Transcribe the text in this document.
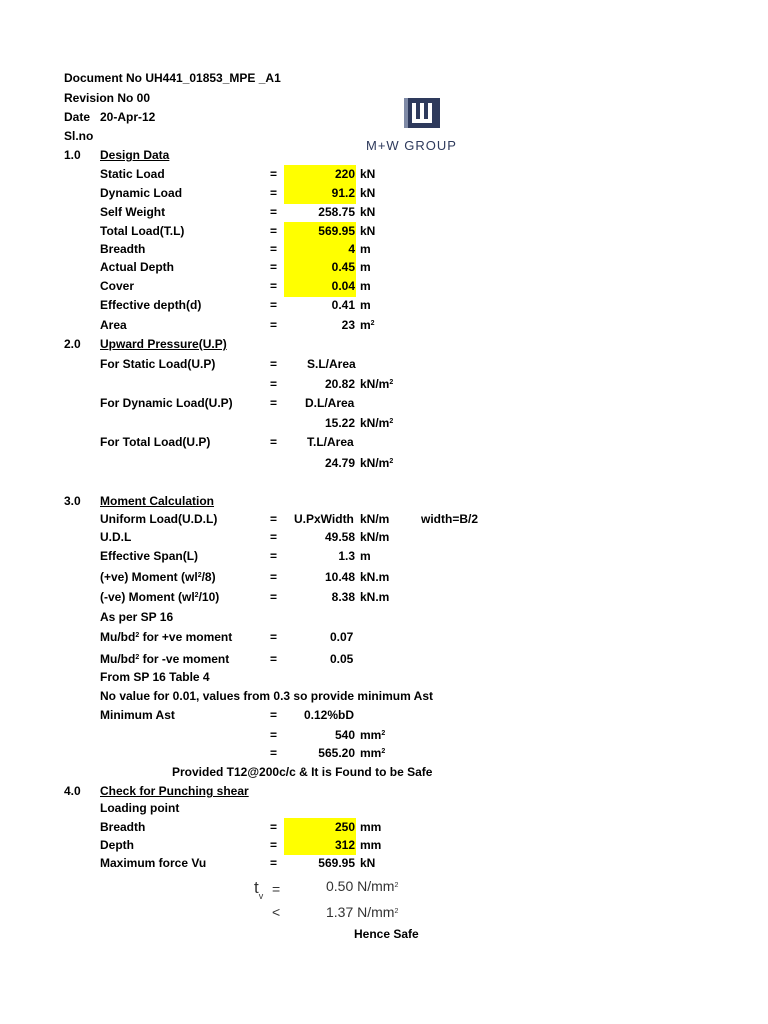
Document No UH441_01853_MPE _A1
Revision No 00
Date 20-Apr-12
Sl.no
M+W GROUP
1.0 Design Data
Static Load	=	220 kN
Dynamic Load	=	91.2 kN
Self Weight	=	258.75 kN
Total Load(T.L)	=	569.95 kN
Breadth	=	4 m
Actual Depth	=	0.45 m
Cover	=	0.04 m
Effective depth(d)	=	0.41 m
Area	=	23 $m^2$
2.0 Upward Pressure(U.P)
For Static Load(U.P)	= S.L/Area
=	20.82 $kN/m^2$
For Dynamic Load(U.P)	= D.L/Area
15.22 $kN/m^2$
For Total Load(U.P)	= T.L/Area
24.79 $kN/m^2$
3.0 Moment Calculation
Uniform Load(U.D.L)	= U.PxWidth kN/m	width=B/2
U.D.L	=	49.58 kN/m
Effective Span(L)	=	1.3 m
(+ve) Moment $(wl^2/8)$	=	10.48 kN.m
(-ve) Moment $(wl^2/10)$	=	8.38 kN.m
As per SP 16
$Mu/bd^2$ for +ve moment	=	0.07
$Mu/bd^2$ for -ve moment	=	0.05
From SP 16 Table 4
No value for 0.01, values from 0.3 so provide minimum Ast
Minimum Ast	= 0.12%bD
=	540 $mm^2$
=	565.20 $mm^2$
Provided T12@200c/c & It is Found to be Safe
4.0 Check for Punching shear
Loading point
Breadth	=	250 mm
Depth	=	312 mm
Maximum force Vu	=	569.95 kN
$t_v$ =	0.50 $N/mm^2$
<	1.37 $N/mm^2$
Hence Safe
